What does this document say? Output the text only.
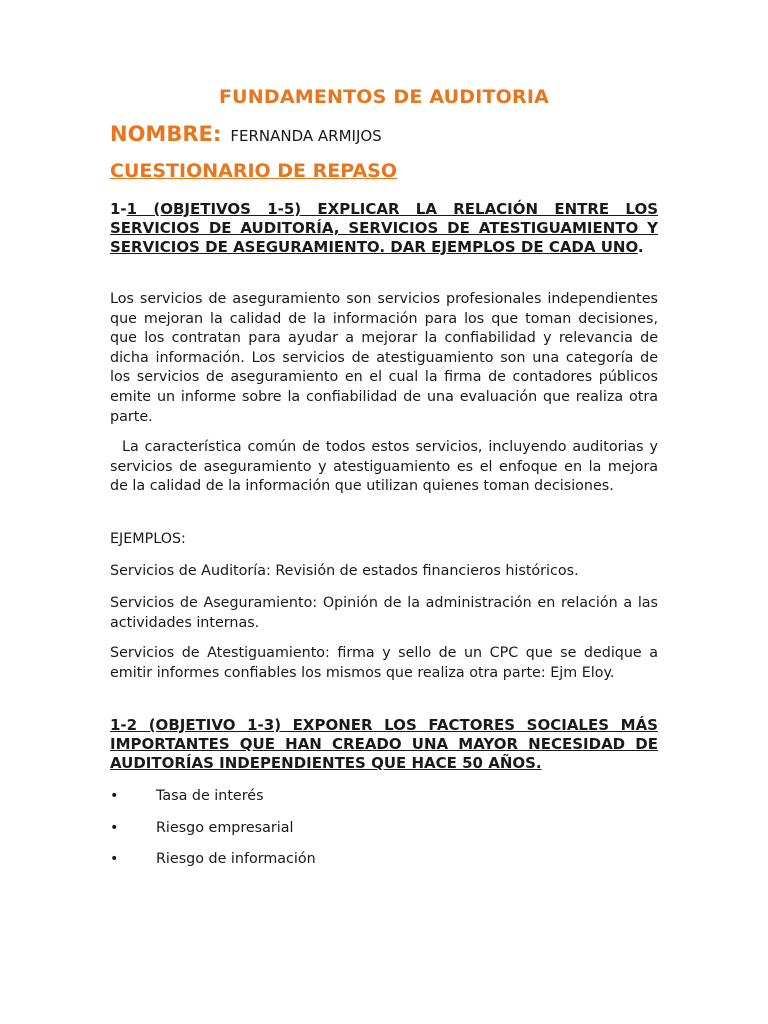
FUNDAMENTOS DE AUDITORIA
NOMBRE: FERNANDA ARMIJOS
CUESTIONARIO DE REPASO
1-1 (OBJETIVOS 1-5) EXPLICAR LA RELACIÓN ENTRE LOS SERVICIOS DE AUDITORÍA, SERVICIOS DE ATESTIGUAMIENTO Y SERVICIOS DE ASEGURAMIENTO. DAR EJEMPLOS DE CADA UNO.
Los servicios de aseguramiento son servicios profesionales independientes que mejoran la calidad de la información para los que toman decisiones, que los contratan para ayudar a mejorar la confiabilidad y relevancia de dicha información. Los servicios de atestiguamiento son una categoría de los servicios de aseguramiento en el cual la firma de contadores públicos emite un informe sobre la confiabilidad de una evaluación que realiza otra parte.
La característica común de todos estos servicios, incluyendo auditorias y servicios de aseguramiento y atestiguamiento es el enfoque en la mejora de la calidad de la información que utilizan quienes toman decisiones.
EJEMPLOS:
Servicios de Auditoría: Revisión de estados financieros históricos.
Servicios de Aseguramiento: Opinión de la administración en relación a las actividades internas.
Servicios de Atestiguamiento: firma y sello de un CPC que se dedique a emitir informes confiables los mismos que realiza otra parte: Ejm Eloy.
1-2 (OBJETIVO 1-3) EXPONER LOS FACTORES SOCIALES MÁS IMPORTANTES QUE HAN CREADO UNA MAYOR NECESIDAD DE AUDITORÍAS INDEPENDIENTES QUE HACE 50 AÑOS.
•	Tasa de interés
•	Riesgo empresarial
•	Riesgo de información
